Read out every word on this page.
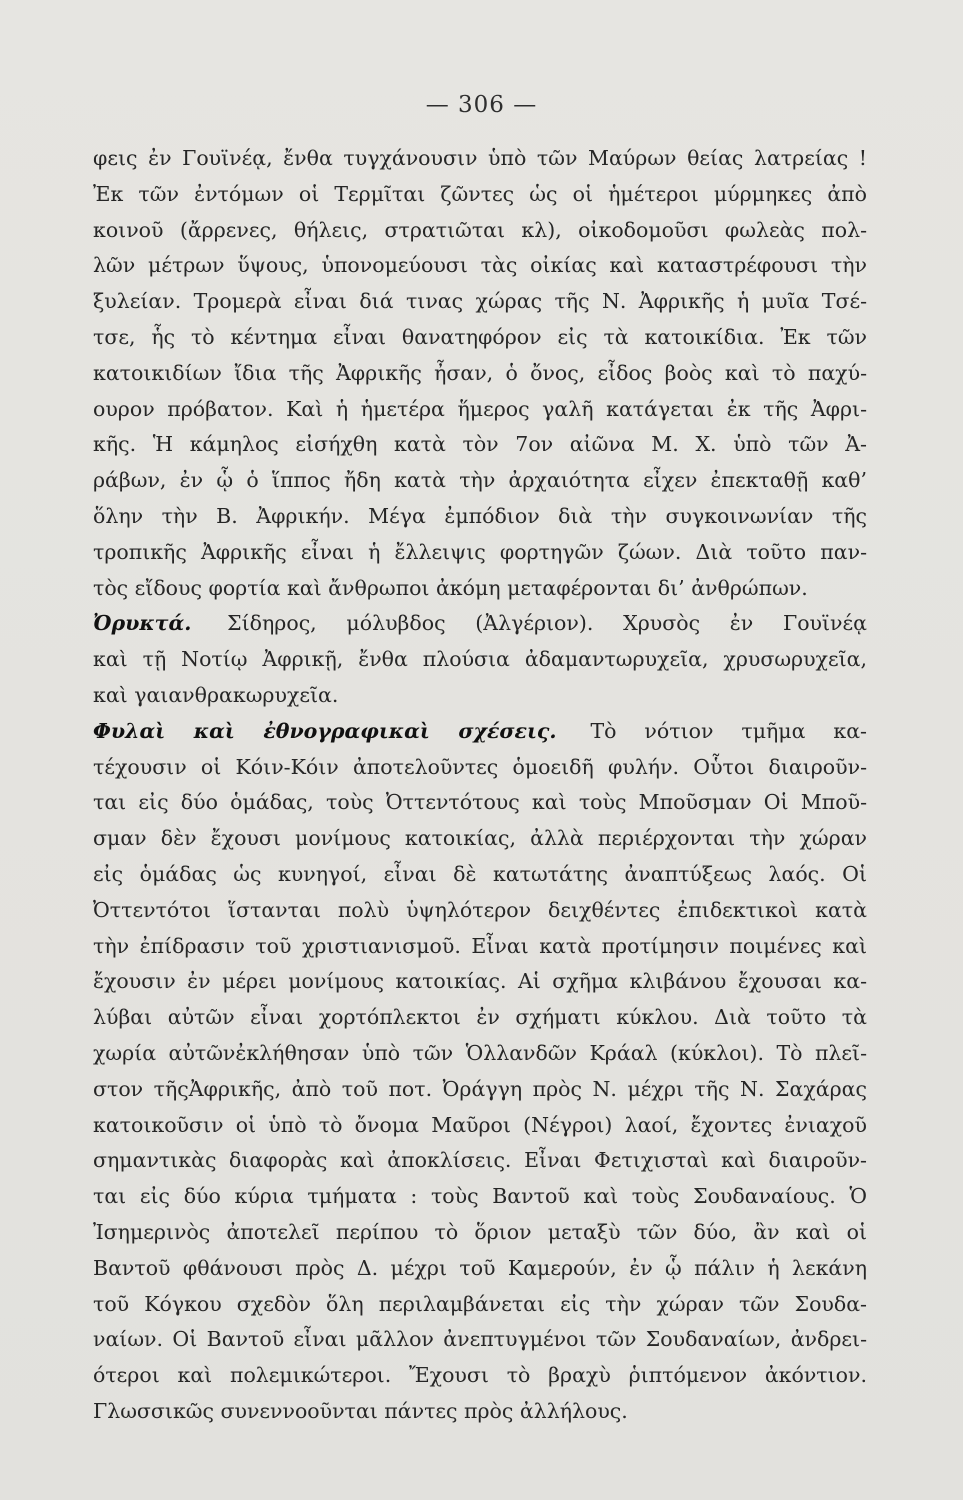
— 306 —
φεις ἐν Γουϊνέᾳ, ἔνθα τυγχάνουσιν ὑπὸ τῶν Μαύρων θείας λατρείας !
Ἐκ τῶν ἐντόμων οἱ Τερμῖται ζῶντες ὡς οἱ ἡμέτεροι μύρμηκες ἀπὸ
κοινοῦ (ἄρρενες, θήλεις, στρατιῶται κλ), οἰκοδομοῦσι φωλεὰς πολ-
λῶν μέτρων ὕψους, ὑπονομεύουσι τὰς οἰκίας καὶ καταστρέφουσι τὴν
ξυλείαν. Τρομερὰ εἶναι διά τινας χώρας τῆς Ν. Ἀφρικῆς ἡ μυῖα Τσέ-
τσε, ἧς τὸ κέντημα εἶναι θανατηφόρον εἰς τὰ κατοικίδια. Ἐκ τῶν
κατοικιδίων ἴδια τῆς Ἀφρικῆς ἦσαν, ὁ ὄνος, εἶδος βοὸς καὶ τὸ παχύ-
ουρον πρόβατον. Καὶ ἡ ἡμετέρα ἥμερος γαλῆ κατάγεται ἐκ τῆς Ἀφρι-
κῆς. Ἡ κάμηλος εἰσήχθη κατὰ τὸν 7ον αἰῶνα Μ. Χ. ὑπὸ τῶν Ἀ-
ράβων, ἐν ᾧ ὁ ἵππος ἤδη κατὰ τὴν ἀρχαιότητα εἶχεν ἐπεκταθῇ καθ’
ὅλην τὴν Β. Ἀφρικήν. Μέγα ἐμπόδιον διὰ τὴν συγκοινωνίαν τῆς
τροπικῆς Ἀφρικῆς εἶναι ἡ ἔλλειψις φορτηγῶν ζώων. Διὰ τοῦτο παν-
τὸς εἴδους φορτία καὶ ἄνθρωποι ἀκόμη μεταφέρονται δι’ ἀνθρώπων.
Ὀρυκτά. Σίδηρος, μόλυβδος (Ἀλγέριον). Χρυσὸς ἐν Γουϊνέᾳ
καὶ τῇ Νοτίῳ Ἀφρικῇ, ἔνθα πλούσια ἀδαμαντωρυχεῖα, χρυσωρυχεῖα,
καὶ γαιανθρακωρυχεῖα.
Φυλαὶ καὶ ἐθνογραφικαὶ σχέσεις. Τὸ νότιον τμῆμα κα-
τέχουσιν οἱ Κόιν-Κόιν ἀποτελοῦντες ὁμοειδῆ φυλήν. Οὗτοι διαιροῦν-
ται εἰς δύο ὁμάδας, τοὺς Ὀττεντότους καὶ τοὺς Μποῦσμαν Οἱ Μποῦ-
σμαν δὲν ἔχουσι μονίμους κατοικίας, ἀλλὰ περιέρχονται τὴν χώραν
εἰς ὁμάδας ὡς κυνηγοί, εἶναι δὲ κατωτάτης ἀναπτύξεως λαός. Οἱ
Ὀττεντότοι ἵστανται πολὺ ὑψηλότερον δειχθέντες ἐπιδεκτικοὶ κατὰ
τὴν ἐπίδρασιν τοῦ χριστιανισμοῦ. Εἶναι κατὰ προτίμησιν ποιμένες καὶ
ἔχουσιν ἐν μέρει μονίμους κατοικίας. Αἱ σχῆμα κλιβάνου ἔχουσαι κα-
λύβαι αὐτῶν εἶναι χορτόπλεκτοι ἐν σχήματι κύκλου. Διὰ τοῦτο τὰ
χωρία αὐτῶνἐκλήθησαν ὑπὸ τῶν Ὁλλανδῶν Κράαλ (κύκλοι). Τὸ πλεῖ-
στον τῆςἈφρικῆς, ἀπὸ τοῦ ποτ. Ὀράγγη πρὸς Ν. μέχρι τῆς Ν. Σαχάρας
κατοικοῦσιν οἱ ὑπὸ τὸ ὄνομα Μαῦροι (Νέγροι) λαοί, ἔχοντες ἐνιαχοῦ
σημαντικὰς διαφορὰς καὶ ἀποκλίσεις. Εἶναι Φετιχισταὶ καὶ διαιροῦν-
ται εἰς δύο κύρια τμήματα : τοὺς Βαντοῦ καὶ τοὺς Σουδαναίους. Ὁ
Ἰσημερινὸς ἀποτελεῖ περίπου τὸ ὅριον μεταξὺ τῶν δύο, ἂν καὶ οἱ
Βαντοῦ φθάνουσι πρὸς Δ. μέχρι τοῦ Καμερούν, ἐν ᾧ πάλιν ἡ λεκάνη
τοῦ Κόγκου σχεδὸν ὅλη περιλαμβάνεται εἰς τὴν χώραν τῶν Σουδα-
ναίων. Οἱ Βαντοῦ εἶναι μᾶλλον ἀνεπτυγμένοι τῶν Σουδαναίων, ἀνδρει-
ότεροι καὶ πολεμικώτεροι. Ἔχουσι τὸ βραχὺ ῥιπτόμενον ἀκόντιον.
Γλωσσικῶς συνεννοοῦνται πάντες πρὸς ἀλλήλους.
